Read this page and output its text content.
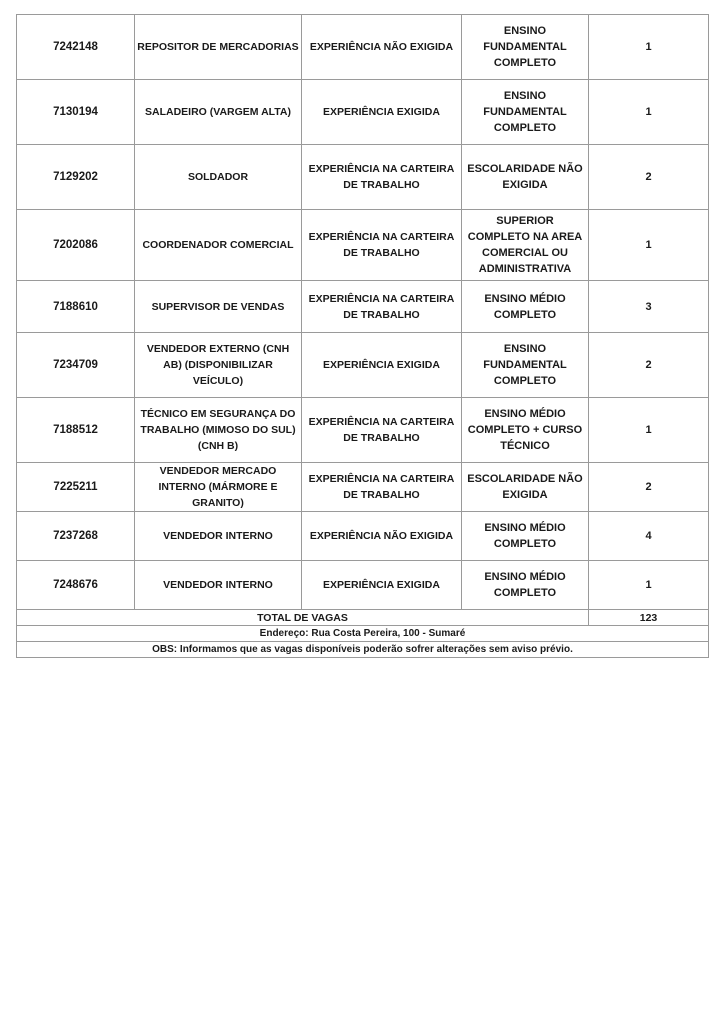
7242148	REPOSITOR DE MERCADORIAS	EXPERIÊNCIA NÃO EXIGIDA	ENSINO FUNDAMENTAL COMPLETO	1
7130194	SALADEIRO (VARGEM ALTA)	EXPERIÊNCIA EXIGIDA	ENSINO FUNDAMENTAL COMPLETO	1
7129202	SOLDADOR	EXPERIÊNCIA NA CARTEIRA DE TRABALHO	ESCOLARIDADE NÃO EXIGIDA	2
7202086	COORDENADOR COMERCIAL	EXPERIÊNCIA NA CARTEIRA DE TRABALHO	SUPERIOR COMPLETO NA AREA COMERCIAL OU ADMINISTRATIVA	1
7188610	SUPERVISOR DE VENDAS	EXPERIÊNCIA NA CARTEIRA DE TRABALHO	ENSINO MÉDIO COMPLETO	3
7234709	VENDEDOR EXTERNO (CNH AB) (DISPONIBILIZAR VEÍCULO)	EXPERIÊNCIA EXIGIDA	ENSINO FUNDAMENTAL COMPLETO	2
7188512	TÉCNICO EM SEGURANÇA DO TRABALHO (MIMOSO DO SUL) (CNH B)	EXPERIÊNCIA NA CARTEIRA DE TRABALHO	ENSINO MÉDIO COMPLETO + CURSO TÉCNICO	1
7225211	VENDEDOR MERCADO INTERNO (MÁRMORE E GRANITO)	EXPERIÊNCIA NA CARTEIRA DE TRABALHO	ESCOLARIDADE NÃO EXIGIDA	2
7237268	VENDEDOR INTERNO	EXPERIÊNCIA NÃO EXIGIDA	ENSINO MÉDIO COMPLETO	4
7248676	VENDEDOR INTERNO	EXPERIÊNCIA EXIGIDA	ENSINO MÉDIO COMPLETO	1
TOTAL DE VAGAS				123
Endereço: Rua Costa Pereira, 100 - Sumaré				
OBS: Informamos que as vagas disponíveis poderão sofrer alterações sem aviso prévio.				
